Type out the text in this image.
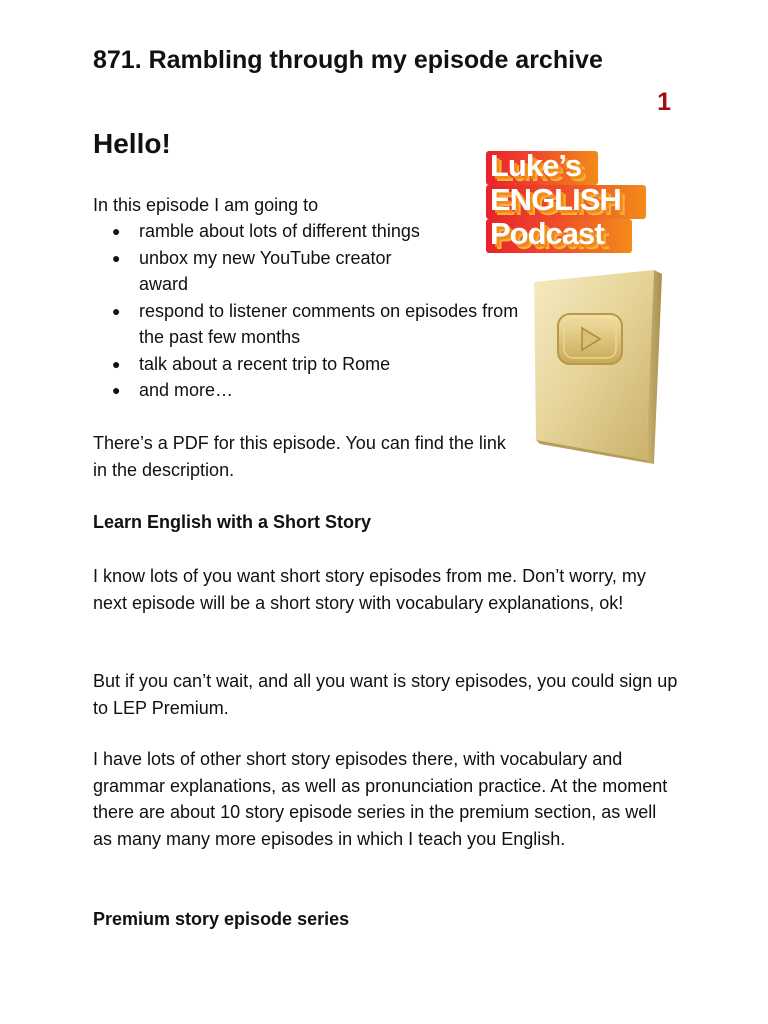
871. Rambling through my episode archive
1
Hello!
In this episode I am going to
● ramble about lots of different things
● unbox my new YouTube creator award
● respond to listener comments on episodes from the past few months
● talk about a recent trip to Rome
● and more…
There’s a PDF for this episode. You can find the link in the description.
Learn English with a Short Story
I know lots of you want short story episodes from me. Don’t worry, my next episode will be a short story with vocabulary explanations, ok!
But if you can’t wait, and all you want is story episodes, you could sign up to LEP Premium.
I have lots of other short story episodes there, with vocabulary and grammar explanations, as well as pronunciation practice. At the moment there are about 10 story episode series in the premium section, as well as many many more episodes in which I teach you English.
Premium story episode series
Luke’s
ENGLISH
Podcast
